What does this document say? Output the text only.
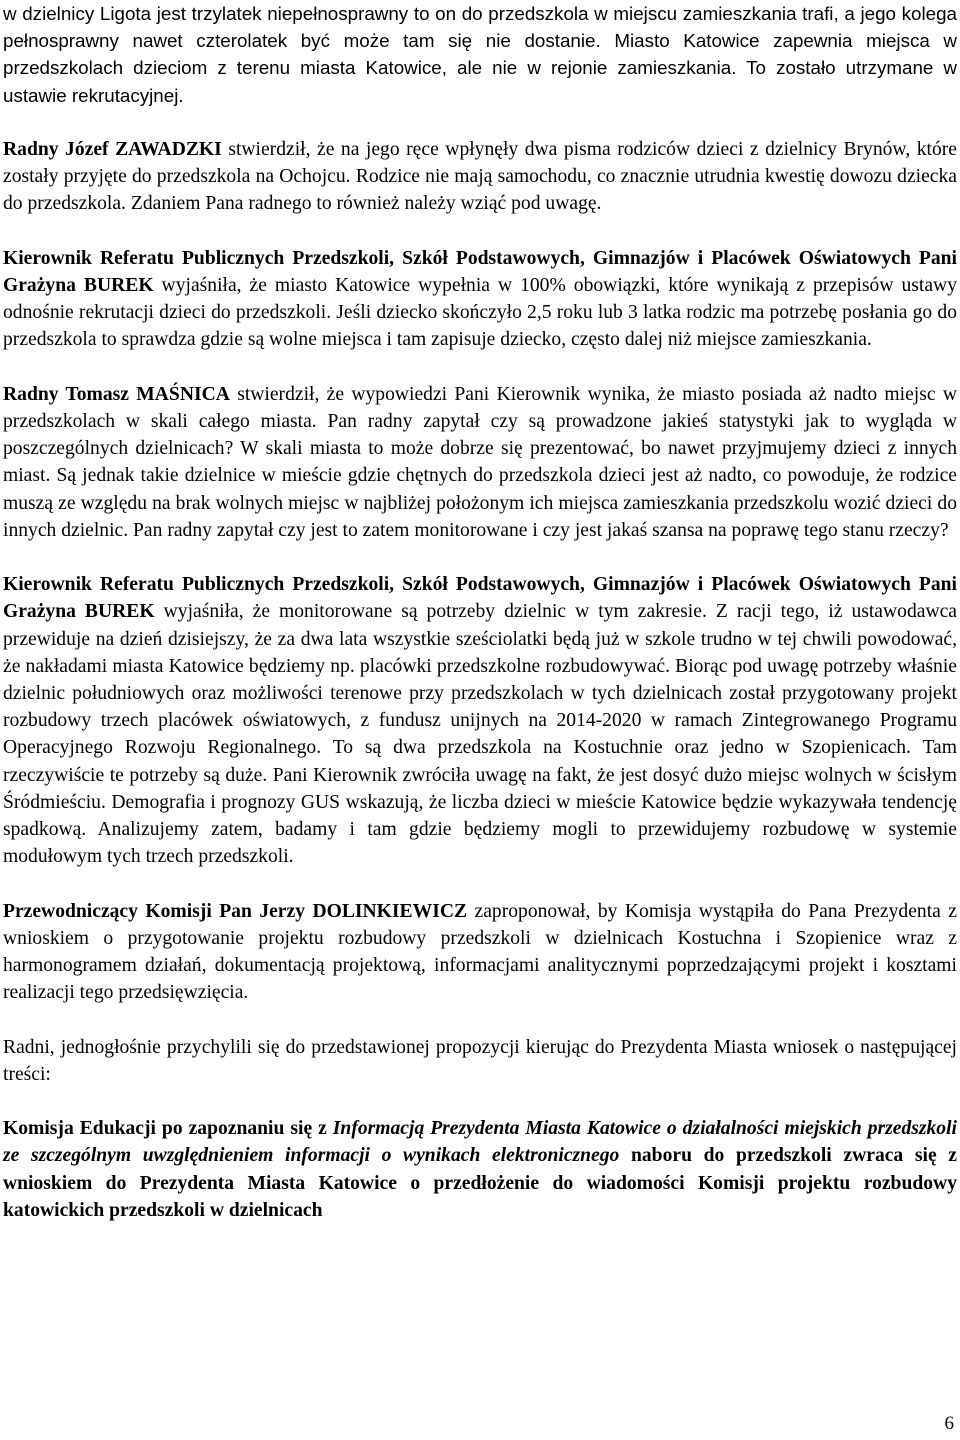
w dzielnicy Ligota jest trzylatek niepełnosprawny to on do przedszkola w miejscu zamieszkania trafi, a jego kolega pełnosprawny nawet czterolatek być może tam się nie dostanie. Miasto Katowice zapewnia miejsca w przedszkolach dzieciom z terenu miasta Katowice, ale nie w rejonie zamieszkania. To zostało utrzymane w ustawie rekrutacyjnej.

Radny Józef ZAWADZKI stwierdził, że na jego ręce wpłynęły dwa pisma rodziców dzieci z dzielnicy Brynów, które zostały przyjęte do przedszkola na Ochojcu. Rodzice nie mają samochodu, co znacznie utrudnia kwestię dowozu dziecka do przedszkola. Zdaniem Pana radnego to również należy wziąć pod uwagę.

Kierownik Referatu Publicznych Przedszkoli, Szkół Podstawowych, Gimnazjów i Placówek Oświatowych Pani Grażyna BUREK wyjaśniła, że miasto Katowice wypełnia w 100% obowiązki, które wynikają z przepisów ustawy odnośnie rekrutacji dzieci do przedszkoli. Jeśli dziecko skończyło 2,5 roku lub 3 latka rodzic ma potrzebę posłania go do przedszkola to sprawdza gdzie są wolne miejsca i tam zapisuje dziecko, często dalej niż miejsce zamieszkania.

Radny Tomasz MAŚNICA stwierdził, że wypowiedzi Pani Kierownik wynika, że miasto posiada aż nadto miejsc w przedszkolach w skali całego miasta. Pan radny zapytał czy są prowadzone jakieś statystyki jak to wygląda w poszczególnych dzielnicach? W skali miasta to może dobrze się prezentować, bo nawet przyjmujemy dzieci z innych miast. Są jednak takie dzielnice w mieście gdzie chętnych do przedszkola dzieci jest aż nadto, co powoduje, że rodzice muszą ze względu na brak wolnych miejsc w najbliżej położonym ich miejsca zamieszkania przedszkolu wozić dzieci do innych dzielnic. Pan radny zapytał czy jest to zatem monitorowane i czy jest jakaś szansa na poprawę tego stanu rzeczy?

Kierownik Referatu Publicznych Przedszkoli, Szkół Podstawowych, Gimnazjów i Placówek Oświatowych Pani Grażyna BUREK wyjaśniła, że monitorowane są potrzeby dzielnic w tym zakresie. Z racji tego, iż ustawodawca przewiduje na dzień dzisiejszy, że za dwa lata wszystkie sześciolatki będą już w szkole trudno w tej chwili powodować, że nakładami miasta Katowice będziemy np. placówki przedszkolne rozbudowywać. Biorąc pod uwagę potrzeby właśnie dzielnic południowych oraz możliwości terenowe przy przedszkolach w tych dzielnicach został przygotowany projekt rozbudowy trzech placówek oświatowych, z fundusz unijnych na 2014-2020 w ramach Zintegrowanego Programu Operacyjnego Rozwoju Regionalnego. To są dwa przedszkola na Kostuchnie oraz jedno w Szopienicach. Tam rzeczywiście te potrzeby są duże. Pani Kierownik zwróciła uwagę na fakt, że jest dosyć dużo miejsc wolnych w ścisłym Śródmieściu. Demografia i prognozy GUS wskazują, że liczba dzieci w mieście Katowice będzie wykazywała tendencję spadkową. Analizujemy zatem, badamy i tam gdzie będziemy mogli to przewidujemy rozbudowę w systemie modułowym tych trzech przedszkoli.

Przewodniczący Komisji Pan Jerzy DOLINKIEWICZ zaproponował, by Komisja wystąpiła do Pana Prezydenta z wnioskiem o przygotowanie projektu rozbudowy przedszkoli w dzielnicach Kostuchna i Szopienice wraz z harmonogramem działań, dokumentacją projektową, informacjami analitycznymi poprzedzającymi projekt i kosztami realizacji tego przedsięwzięcia.

Radni, jednogłośnie przychylili się do przedstawionej propozycji kierując do Prezydenta Miasta wniosek o następującej treści:

Komisja Edukacji po zapoznaniu się z Informacją Prezydenta Miasta Katowice o działalności miejskich przedszkoli ze szczególnym uwzględnieniem informacji o wynikach elektronicznego naboru do przedszkoli zwraca się z wnioskiem do Prezydenta Miasta Katowice o przedłożenie do wiadomości Komisji projektu rozbudowy katowickich przedszkoli w dzielnicach

6
